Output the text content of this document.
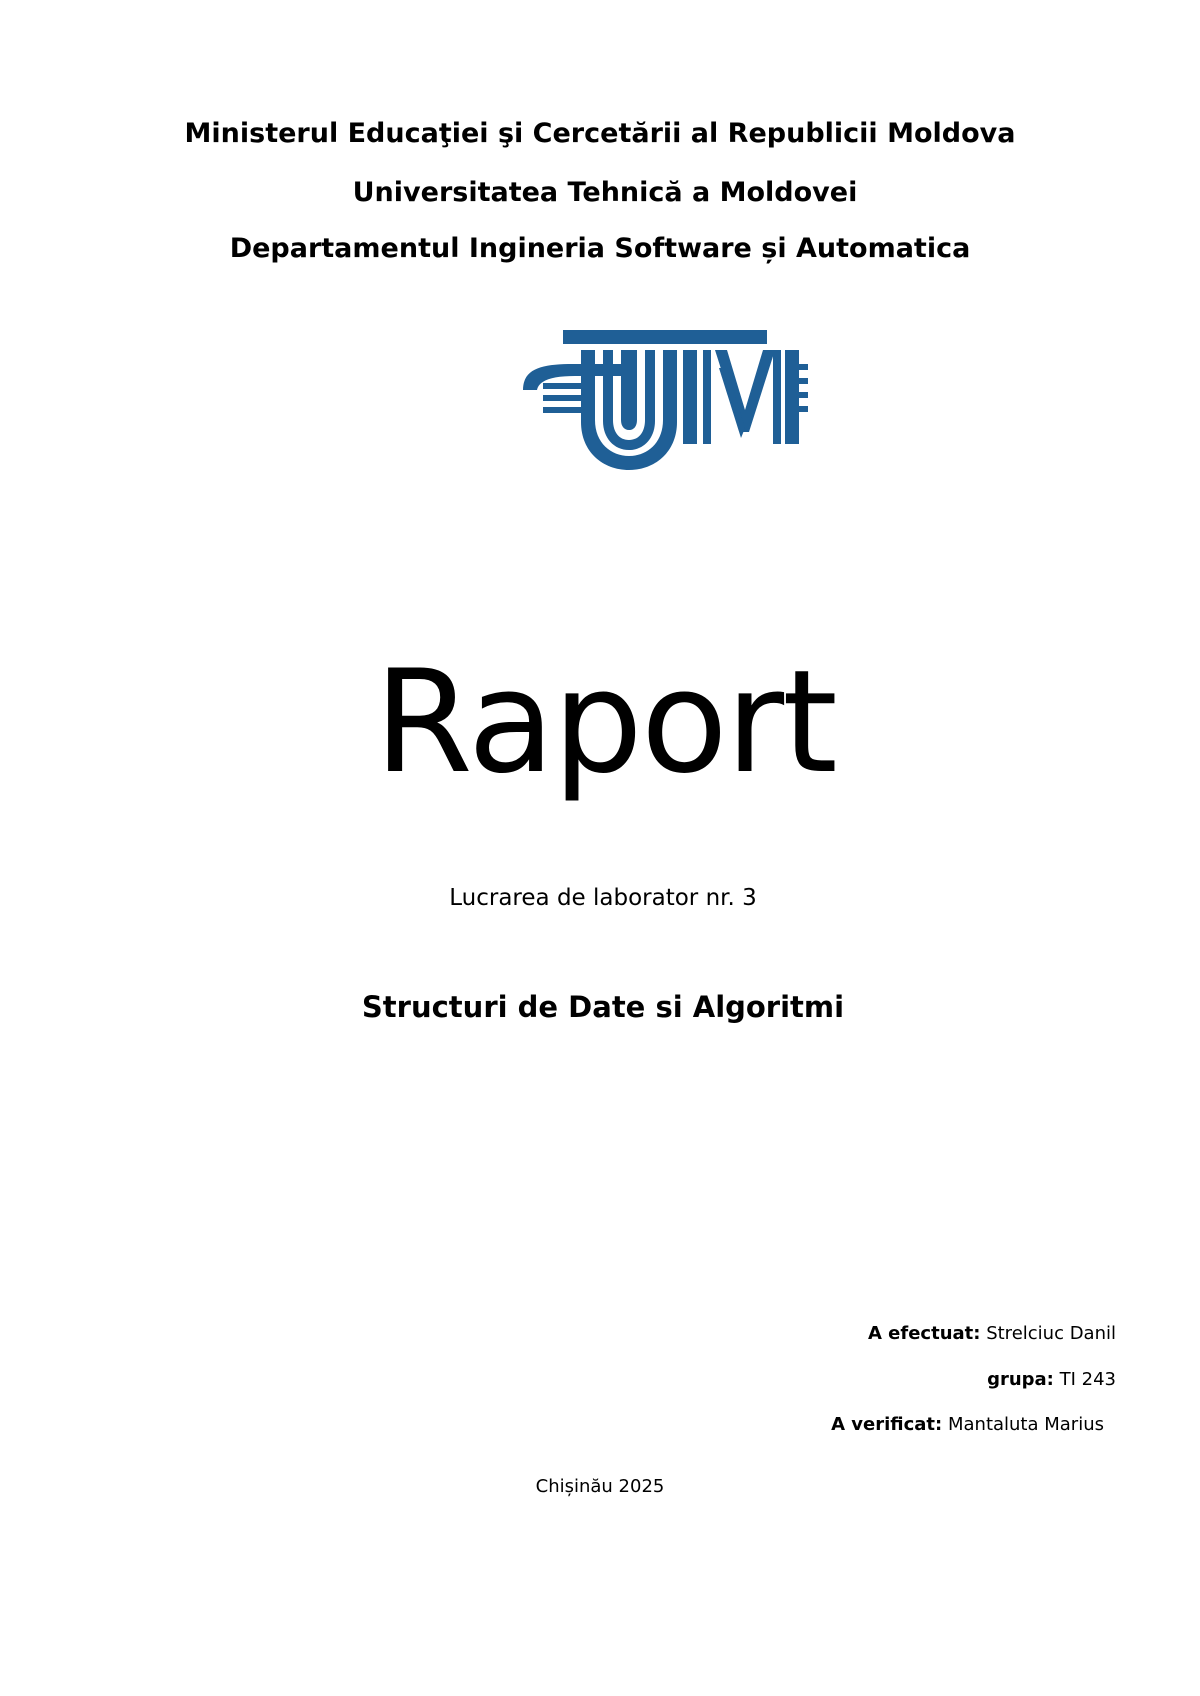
Ministerul Educaţiei şi Cercetării al Republicii Moldova
Universitatea Tehnică a Moldovei
Departamentul Ingineria Software și Automatica
Raport
Lucrarea de laborator nr. 3
Structuri de Date si Algoritmi
A efectuat: Strelciuc Danil
grupa: TI 243
A verificat: Mantaluta Marius
Chișinău 2025
